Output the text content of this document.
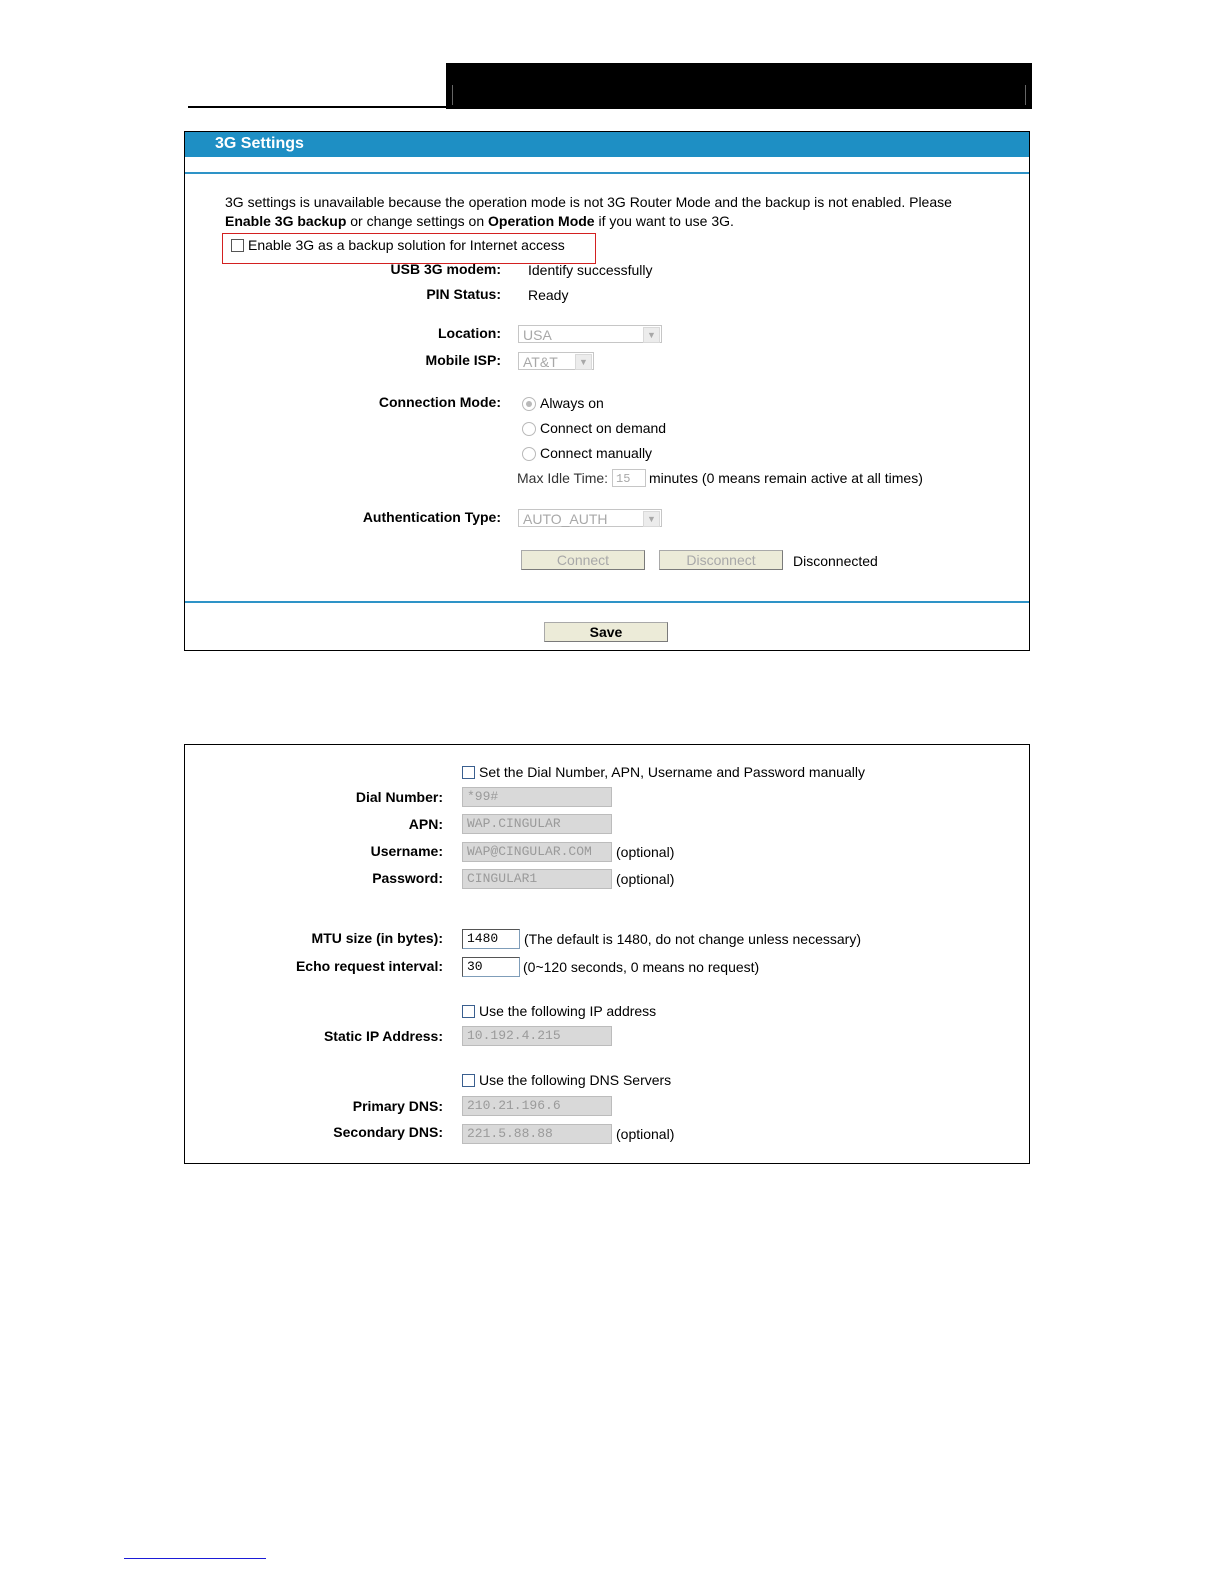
3G Settings
3G settings is unavailable because the operation mode is not 3G Router Mode and the backup is not enabled. Please
Enable 3G backup or change settings on Operation Mode if you want to use 3G.
Enable 3G as a backup solution for Internet access
USB 3G modem: Identify successfully
PIN Status: Ready
Location:	USA	▼
Mobile ISP:	AT&T	▼
Connection Mode:	Always on
Connect on demand
Connect manually
Max Idle Time: 15	minutes (0 means remain active at all times)
Authentication Type:	AUTO_AUTH	▼
Connect	Disconnect	Disconnected
Save
Set the Dial Number, APN, Username and Password manually
Dial Number:	*99#
APN:	WAP.CINGULAR
Username:	WAP@CINGULAR.COM	(optional)
Password:	CINGULAR1	(optional)
MTU size (in bytes):	1480	(The default is 1480, do not change unless necessary)
Echo request interval:	30	(0~120 seconds, 0 means no request)
Use the following IP address
Static IP Address:	10.192.4.215
Use the following DNS Servers
Primary DNS:	210.21.196.6
Secondary DNS:	221.5.88.88	(optional)
